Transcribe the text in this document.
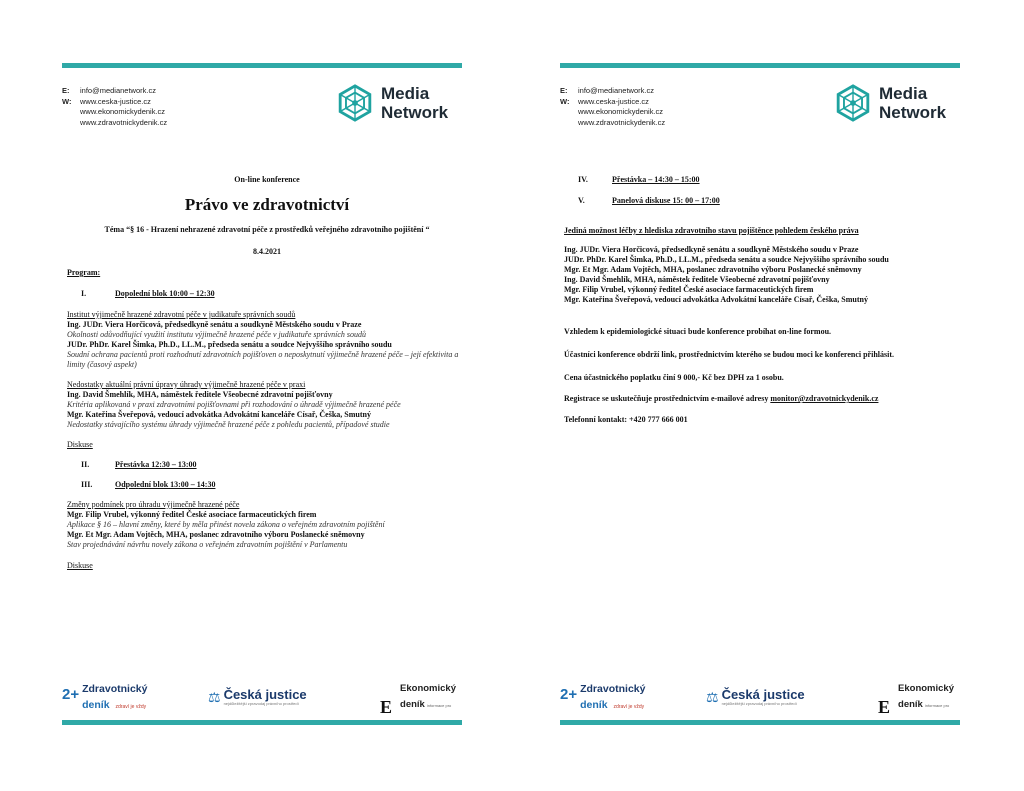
E:	info@medianetwork.cz
W:	www.ceska-justice.cz
www.ekonomickydenik.cz
www.zdravotnickydenik.cz
Media
Network
On-line konference
Právo ve zdravotnictví
Téma “§ 16 - Hrazení nehrazené zdravotní péče z prostředků veřejného zdravotního pojištění “
8.4.2021
Program:
I.	Dopolední blok 10:00 – 12:30
Institut výjimečně hrazené zdravotní péče v judikatuře správních soudů
Ing. JUDr. Viera Horčicová, předsedkyně senátu a soudkyně Městského soudu v Praze
Okolnosti odůvodňující využití institutu výjimečně hrazené péče v judikatuře správních soudů
JUDr. PhDr. Karel Šimka, Ph.D., LL.M., předseda senátu a soudce Nejvyššího správního soudu
Soudní ochrana pacientů proti rozhodnutí zdravotních pojišťoven o neposkytnutí výjimečně hrazené péče – její efektivita a limity (časový aspekt)
Nedostatky aktuální právní úpravy úhrady výjimečně hrazené péče v praxi
Ing. David Šmehlík, MHA, náměstek ředitele Všeobecné zdravotní pojišťovny
Kritéria aplikovaná v praxi zdravotními pojišťovnami při rozhodování o úhradě výjimečně hrazené péče
Mgr. Kateřina Šveřepová, vedoucí advokátka Advokátní kanceláře Císař, Češka, Smutný
Nedostatky stávajícího systému úhrady výjimečně hrazené péče z pohledu pacientů, případové studie
Diskuse
II.	Přestávka 12:30 – 13:00
III.	Odpolední blok 13:00 – 14:30
Změny podmínek pro úhradu výjimečně hrazené péče
Mgr. Filip Vrubel, výkonný ředitel České asociace farmaceutických firem
Aplikace § 16 – hlavní změny, které by měla přinést novela zákona o veřejném zdravotním pojištění
Mgr. Et Mgr. Adam Vojtěch, MHA, poslanec zdravotního výboru Poslanecké sněmovny
Stav projednávání návrhu novely zákona o veřejném zdravotním pojištění v Parlamentu
Diskuse
2+ Zdravotnický
deník zdraví je vždy
⚖ Česká justice
nejdůležitější zpravodaj právního prostředí	E
Ekonomický
deník informace pro
E:	info@medianetwork.cz
W:	www.ceska-justice.cz
www.ekonomickydenik.cz
www.zdravotnickydenik.cz
Media
Network
IV.	Přestávka – 14:30 – 15:00
V.	Panelová diskuse 15: 00 – 17:00
Jediná možnost léčby z hlediska zdravotního stavu pojištěnce pohledem českého práva
Ing. JUDr. Viera Horčicová, předsedkyně senátu a soudkyně Městského soudu v Praze
JUDr. PhDr. Karel Šimka, Ph.D., LL.M., předseda senátu a soudce Nejvyššího správního soudu
Mgr. Et Mgr. Adam Vojtěch, MHA, poslanec zdravotního výboru Poslanecké sněmovny
Ing. David Šmehlík, MHA, náměstek ředitele Všeobecné zdravotní pojišťovny
Mgr. Filip Vrubel, výkonný ředitel České asociace farmaceutických firem
Mgr. Kateřina Šveřepová, vedoucí advokátka Advokátní kanceláře Císař, Češka, Smutný
Vzhledem k epidemiologické situaci bude konference probíhat on-line formou.
Účastníci konference obdrží link, prostřednictvím kterého se budou moci ke konferenci přihlásit.
Cena účastnického poplatku činí 9 000,- Kč bez DPH za 1 osobu.
Registrace se uskutečňuje prostřednictvím e-mailové adresy monitor@zdravotnickydenik.cz
Telefonní kontakt: +420 777 666 001
2+ Zdravotnický
deník zdraví je vždy
⚖ Česká justice
nejdůležitější zpravodaj právního prostředí	E
Ekonomický
deník informace pro
